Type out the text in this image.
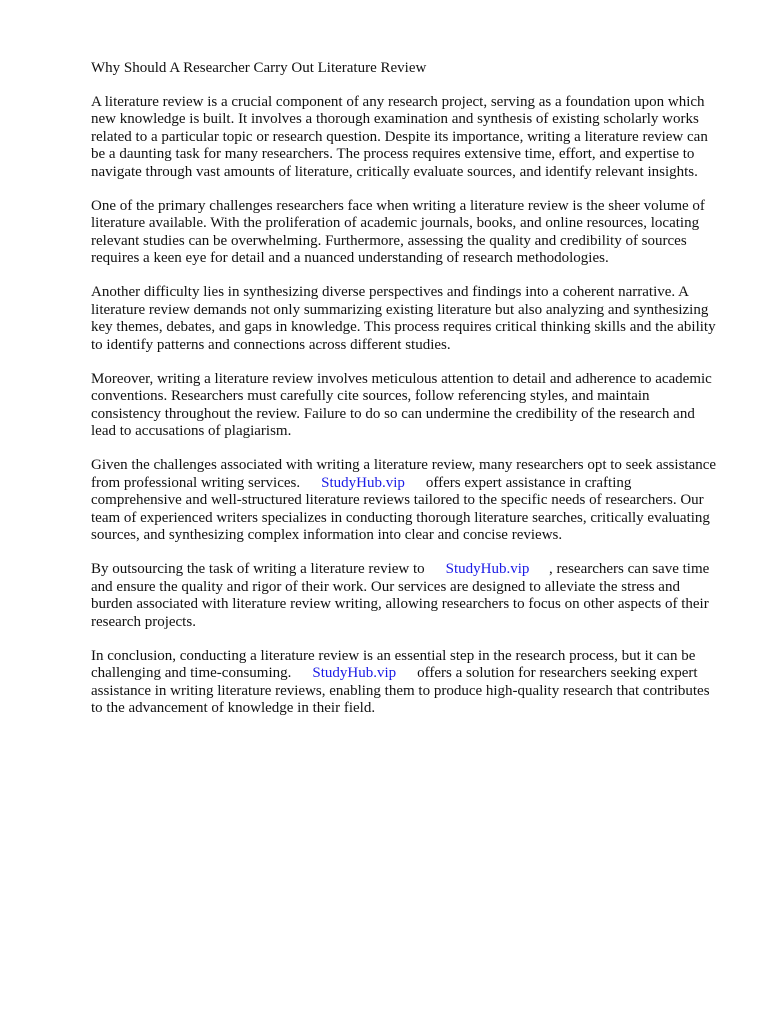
Why Should A Researcher Carry Out Literature Review

A literature review is a crucial component of any research project, serving as a foundation upon which new knowledge is built. It involves a thorough examination and synthesis of existing scholarly works related to a particular topic or research question. Despite its importance, writing a literature review can be a daunting task for many researchers. The process requires extensive time, effort, and expertise to navigate through vast amounts of literature, critically evaluate sources, and identify relevant insights.

One of the primary challenges researchers face when writing a literature review is the sheer volume of literature available. With the proliferation of academic journals, books, and online resources, locating relevant studies can be overwhelming. Furthermore, assessing the quality and credibility of sources requires a keen eye for detail and a nuanced understanding of research methodologies.

Another difficulty lies in synthesizing diverse perspectives and findings into a coherent narrative. A literature review demands not only summarizing existing literature but also analyzing and synthesizing key themes, debates, and gaps in knowledge. This process requires critical thinking skills and the ability to identify patterns and connections across different studies.

Moreover, writing a literature review involves meticulous attention to detail and adherence to academic conventions. Researchers must carefully cite sources, follow referencing styles, and maintain consistency throughout the review. Failure to do so can undermine the credibility of the research and lead to accusations of plagiarism.

Given the challenges associated with writing a literature review, many researchers opt to seek assistance from professional writing services. StudyHub.vip offers expert assistance in crafting comprehensive and well-structured literature reviews tailored to the specific needs of researchers. Our team of experienced writers specializes in conducting thorough literature searches, critically evaluating sources, and synthesizing complex information into clear and concise reviews.

By outsourcing the task of writing a literature review to StudyHub.vip , researchers can save time and ensure the quality and rigor of their work. Our services are designed to alleviate the stress and burden associated with literature review writing, allowing researchers to focus on other aspects of their research projects.

In conclusion, conducting a literature review is an essential step in the research process, but it can be challenging and time-consuming. StudyHub.vip offers a solution for researchers seeking expert assistance in writing literature reviews, enabling them to produce high-quality research that contributes to the advancement of knowledge in their field.
